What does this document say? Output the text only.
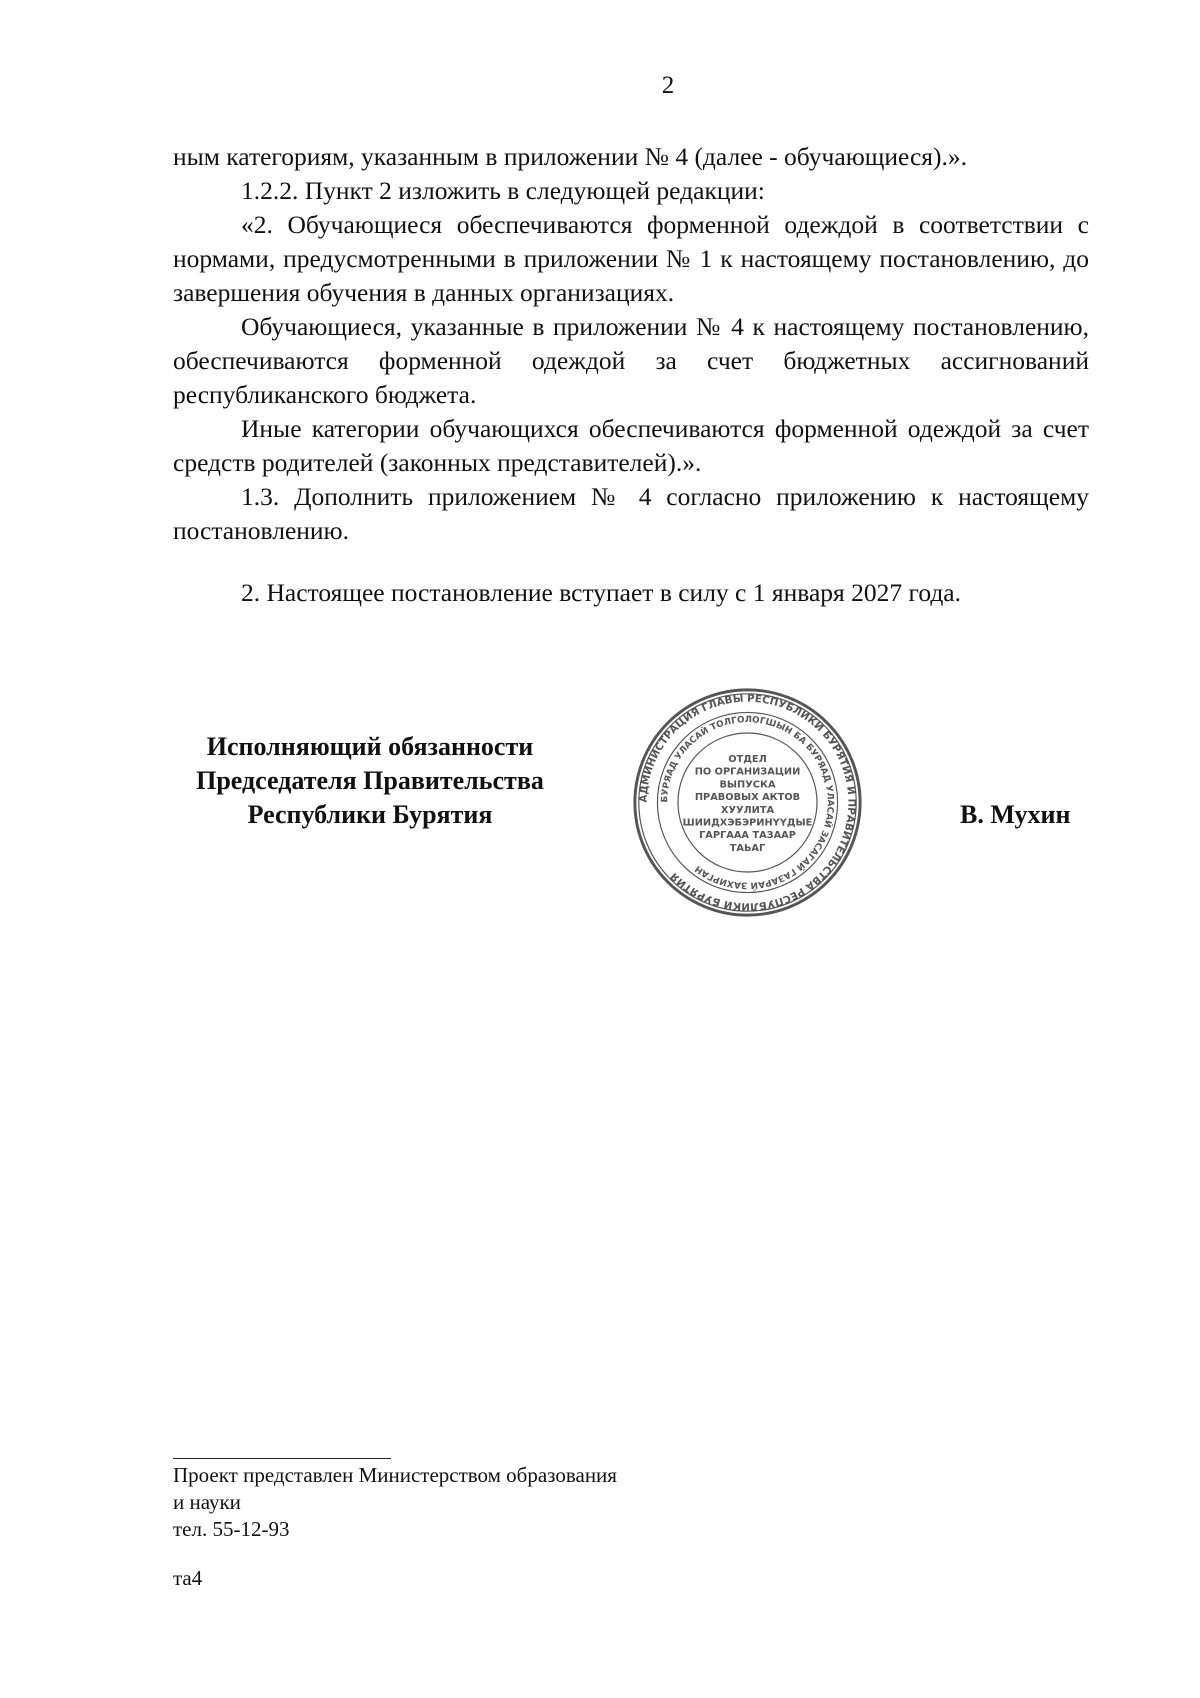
2

ным категориям, указанным в приложении № 4 (далее - обучающиеся).».

1.2.2. Пункт 2 изложить в следующей редакции:

«2. Обучающиеся обеспечиваются форменной одеждой в соответствии с нормами, предусмотренными в приложении № 1 к настоящему постановлению, до завершения обучения в данных организациях.

Обучающиеся, указанные в приложении № 4 к настоящему постановлению, обеспечиваются форменной одеждой за счет бюджетных ассигнований республиканского бюджета.

Иные категории обучающихся обеспечиваются форменной одеждой за счет средств родителей (законных представителей).».

1.3. Дополнить приложением № 4 согласно приложению к настоящему постановлению.

2. Настоящее постановление вступает в силу с 1 января 2027 года.

Исполняющий обязанности
Председателя Правительства
Республики Бурятия
АДМИНИСТРАЦИЯ ГЛАВЫ РЕСПУБЛИКИ БУРЯТИЯ И ПРАВИТЕЛЬСТВА РЕСПУБЛИКИ БУРЯТИЯ
БУРЯАД УЛАСАЙ ТОЛГОЛОГШЫН БА БУРЯАД УЛАСАЙ ЗАСАГАЙ ГАЗАРАЙ ЗАХИРГАН
ОТДЕЛ
ПО ОРГАНИЗАЦИИ
ВЫПУСКА
ПРАВОВЫХ АКТОВ
ХУУЛИТА
ШИИДХЭБЭРИНҮҮДЫЕ
ГАРГААА ТАЗААР
ТАЬАГ
В. Мухин
Проект представлен Министерством образования
и науки
тел. 55-12-93
та4
